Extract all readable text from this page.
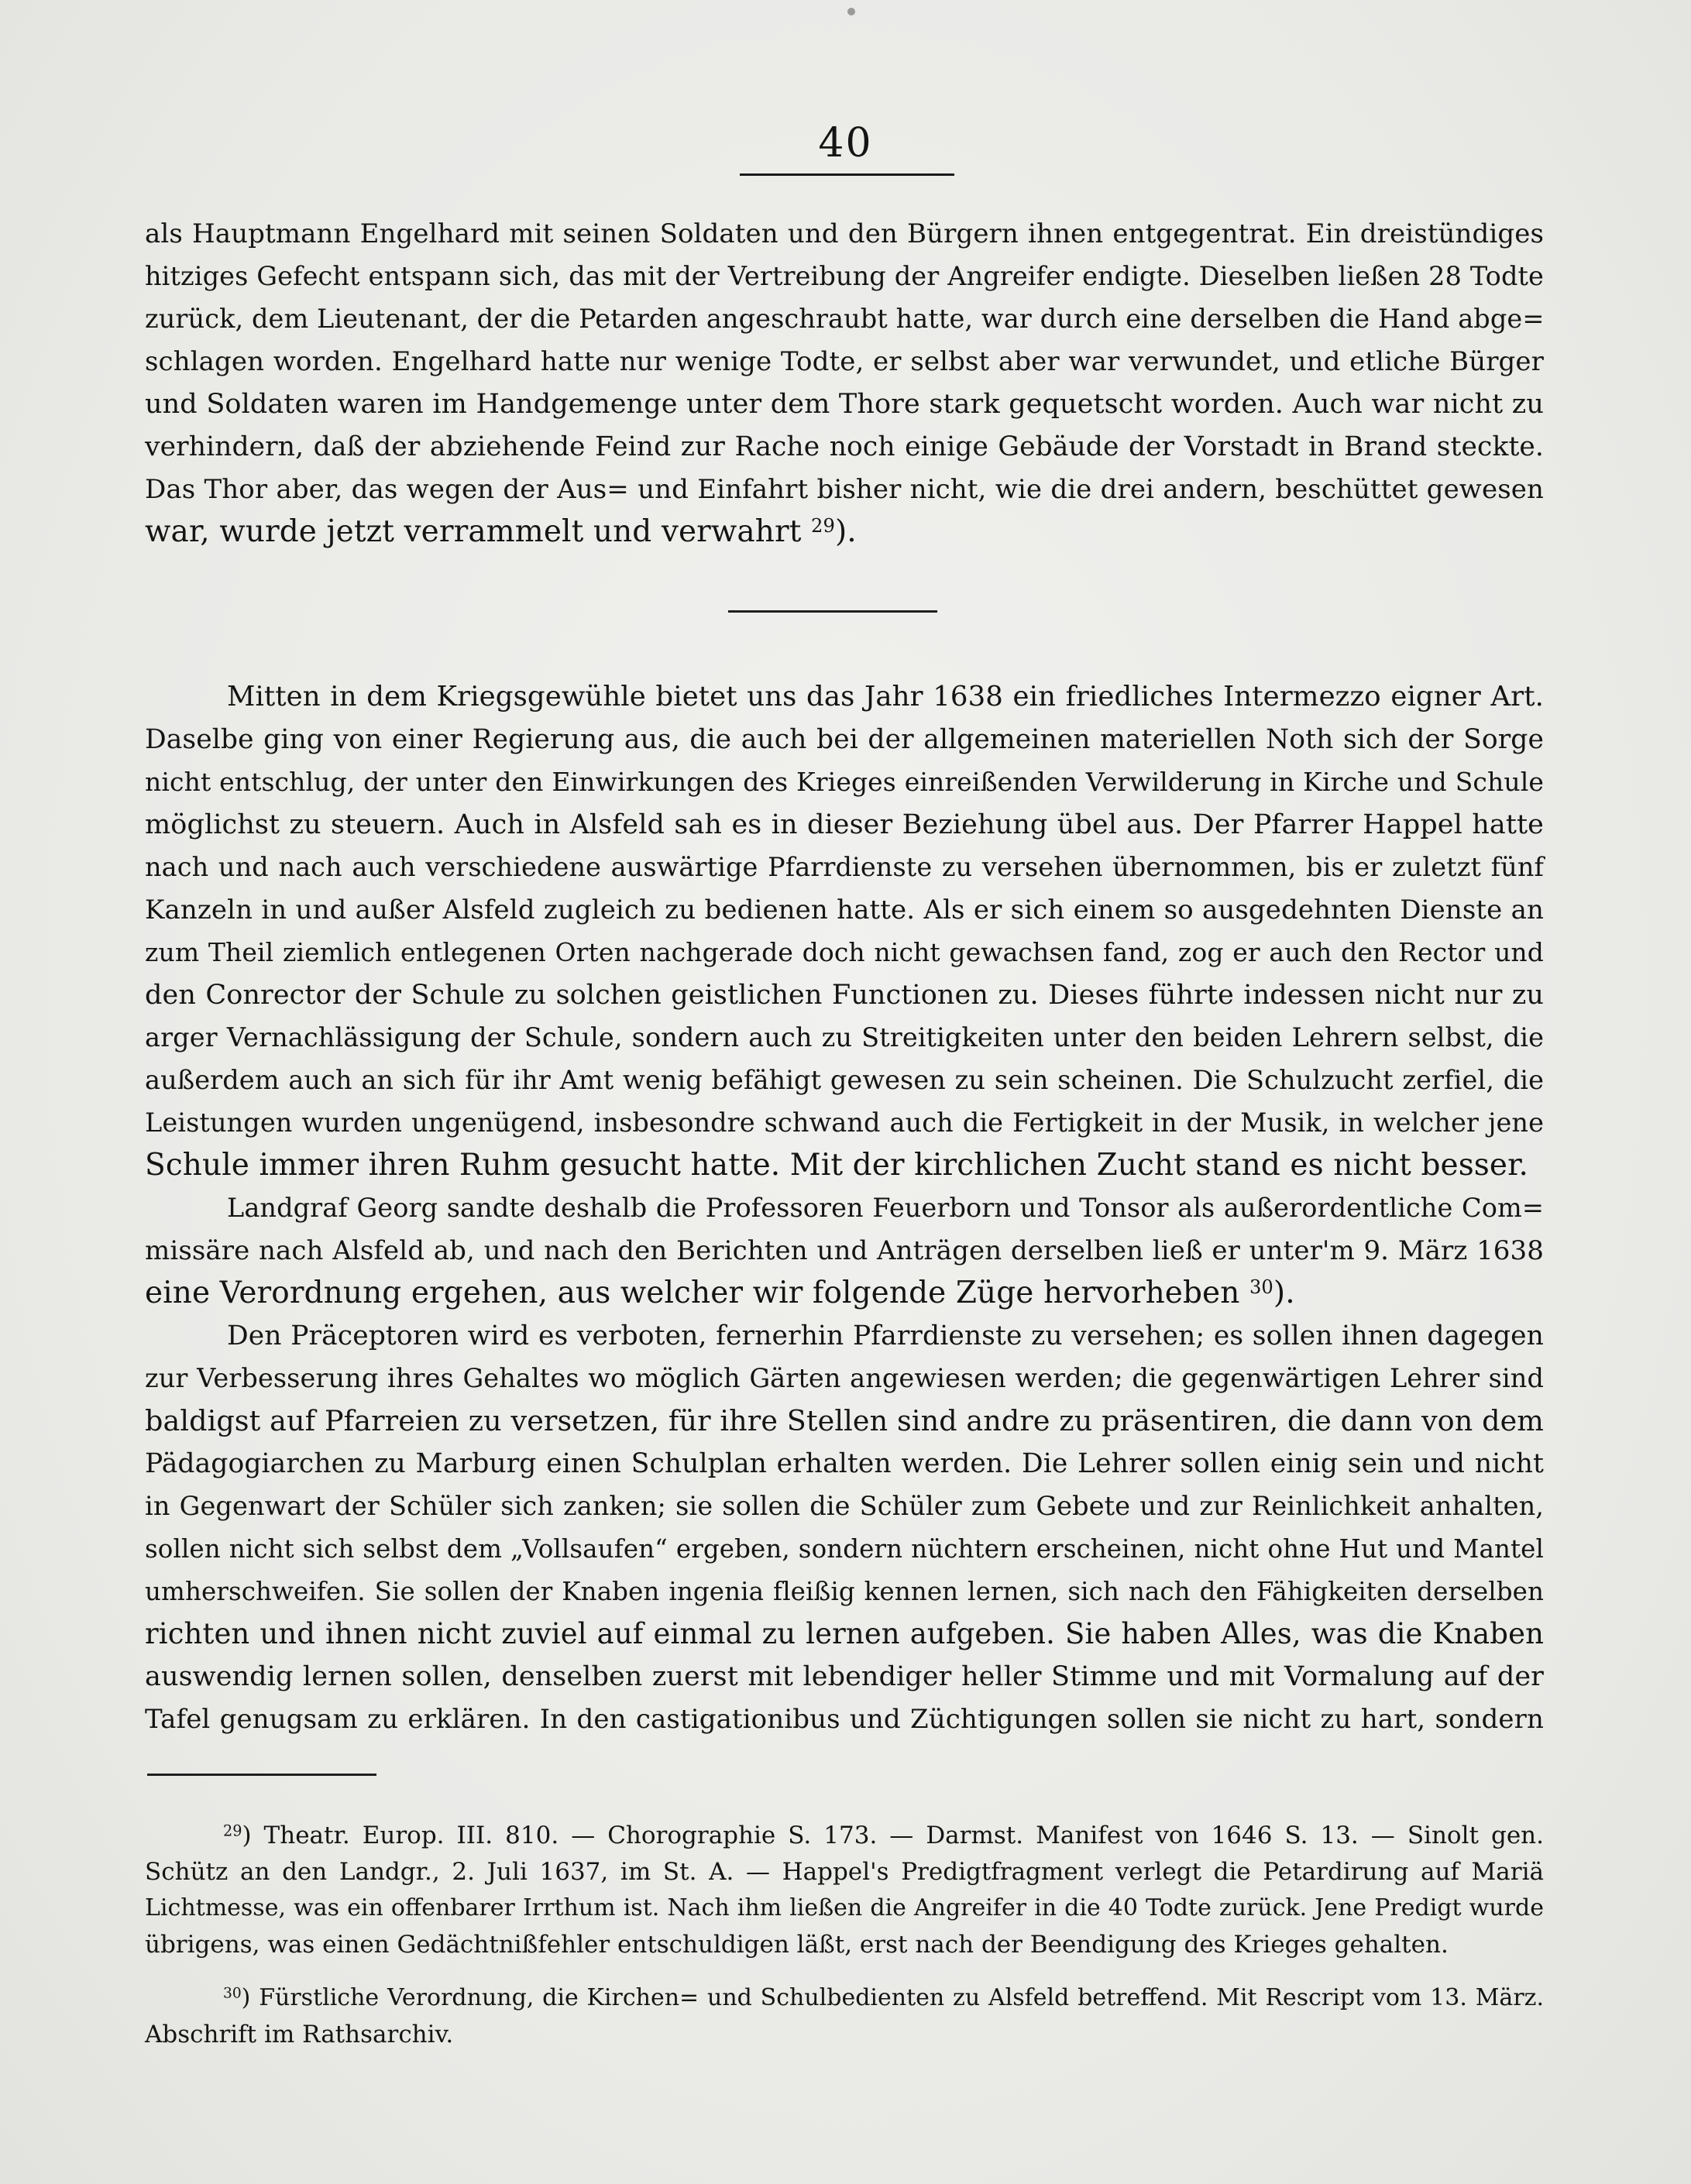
40
als Hauptmann Engelhard mit seinen Soldaten und den Bürgern ihnen entgegentrat. Ein dreistündiges
hitziges Gefecht entspann sich, das mit der Vertreibung der Angreifer endigte. Dieselben ließen 28 Todte
zurück, dem Lieutenant, der die Petarden angeschraubt hatte, war durch eine derselben die Hand abge=
schlagen worden. Engelhard hatte nur wenige Todte, er selbst aber war verwundet, und etliche Bürger
und Soldaten waren im Handgemenge unter dem Thore stark gequetscht worden. Auch war nicht zu
verhindern, daß der abziehende Feind zur Rache noch einige Gebäude der Vorstadt in Brand steckte.
Das Thor aber, das wegen der Aus= und Einfahrt bisher nicht, wie die drei andern, beschüttet gewesen
war, wurde jetzt verrammelt und verwahrt $^{29}$).
Mitten in dem Kriegsgewühle bietet uns das Jahr 1638 ein friedliches Intermezzo eigner Art.
Daselbe ging von einer Regierung aus, die auch bei der allgemeinen materiellen Noth sich der Sorge
nicht entschlug, der unter den Einwirkungen des Krieges einreißenden Verwilderung in Kirche und Schule
möglichst zu steuern. Auch in Alsfeld sah es in dieser Beziehung übel aus. Der Pfarrer Happel hatte
nach und nach auch verschiedene auswärtige Pfarrdienste zu versehen übernommen, bis er zuletzt fünf
Kanzeln in und außer Alsfeld zugleich zu bedienen hatte. Als er sich einem so ausgedehnten Dienste an
zum Theil ziemlich entlegenen Orten nachgerade doch nicht gewachsen fand, zog er auch den Rector und
den Conrector der Schule zu solchen geistlichen Functionen zu. Dieses führte indessen nicht nur zu
arger Vernachlässigung der Schule, sondern auch zu Streitigkeiten unter den beiden Lehrern selbst, die
außerdem auch an sich für ihr Amt wenig befähigt gewesen zu sein scheinen. Die Schulzucht zerfiel, die
Leistungen wurden ungenügend, insbesondre schwand auch die Fertigkeit in der Musik, in welcher jene
Schule immer ihren Ruhm gesucht hatte. Mit der kirchlichen Zucht stand es nicht besser.
Landgraf Georg sandte deshalb die Professoren Feuerborn und Tonsor als außerordentliche Com=
missäre nach Alsfeld ab, und nach den Berichten und Anträgen derselben ließ er unter'm 9. März 1638
eine Verordnung ergehen, aus welcher wir folgende Züge hervorheben $^{30}$).
Den Präceptoren wird es verboten, fernerhin Pfarrdienste zu versehen; es sollen ihnen dagegen
zur Verbesserung ihres Gehaltes wo möglich Gärten angewiesen werden; die gegenwärtigen Lehrer sind
baldigst auf Pfarreien zu versetzen, für ihre Stellen sind andre zu präsentiren, die dann von dem
Pädagogiarchen zu Marburg einen Schulplan erhalten werden. Die Lehrer sollen einig sein und nicht
in Gegenwart der Schüler sich zanken; sie sollen die Schüler zum Gebete und zur Reinlichkeit anhalten,
sollen nicht sich selbst dem „Vollsaufen“ ergeben, sondern nüchtern erscheinen, nicht ohne Hut und Mantel
umherschweifen. Sie sollen der Knaben ingenia fleißig kennen lernen, sich nach den Fähigkeiten derselben
richten und ihnen nicht zuviel auf einmal zu lernen aufgeben. Sie haben Alles, was die Knaben
auswendig lernen sollen, denselben zuerst mit lebendiger heller Stimme und mit Vormalung auf der
Tafel genugsam zu erklären. In den castigationibus und Züchtigungen sollen sie nicht zu hart, sondern
$^{29}$) Theatr. Europ. III. 810. — Chorographie S. 173. — Darmst. Manifest von 1646 S. 13. — Sinolt gen.
Schütz an den Landgr., 2. Juli 1637, im St. A. — Happel's Predigtfragment verlegt die Petardirung auf Mariä
Lichtmesse, was ein offenbarer Irrthum ist. Nach ihm ließen die Angreifer in die 40 Todte zurück. Jene Predigt wurde
übrigens, was einen Gedächtnißfehler entschuldigen läßt, erst nach der Beendigung des Krieges gehalten.
$^{30}$) Fürstliche Verordnung, die Kirchen= und Schulbedienten zu Alsfeld betreffend. Mit Rescript vom 13. März.
Abschrift im Rathsarchiv.
